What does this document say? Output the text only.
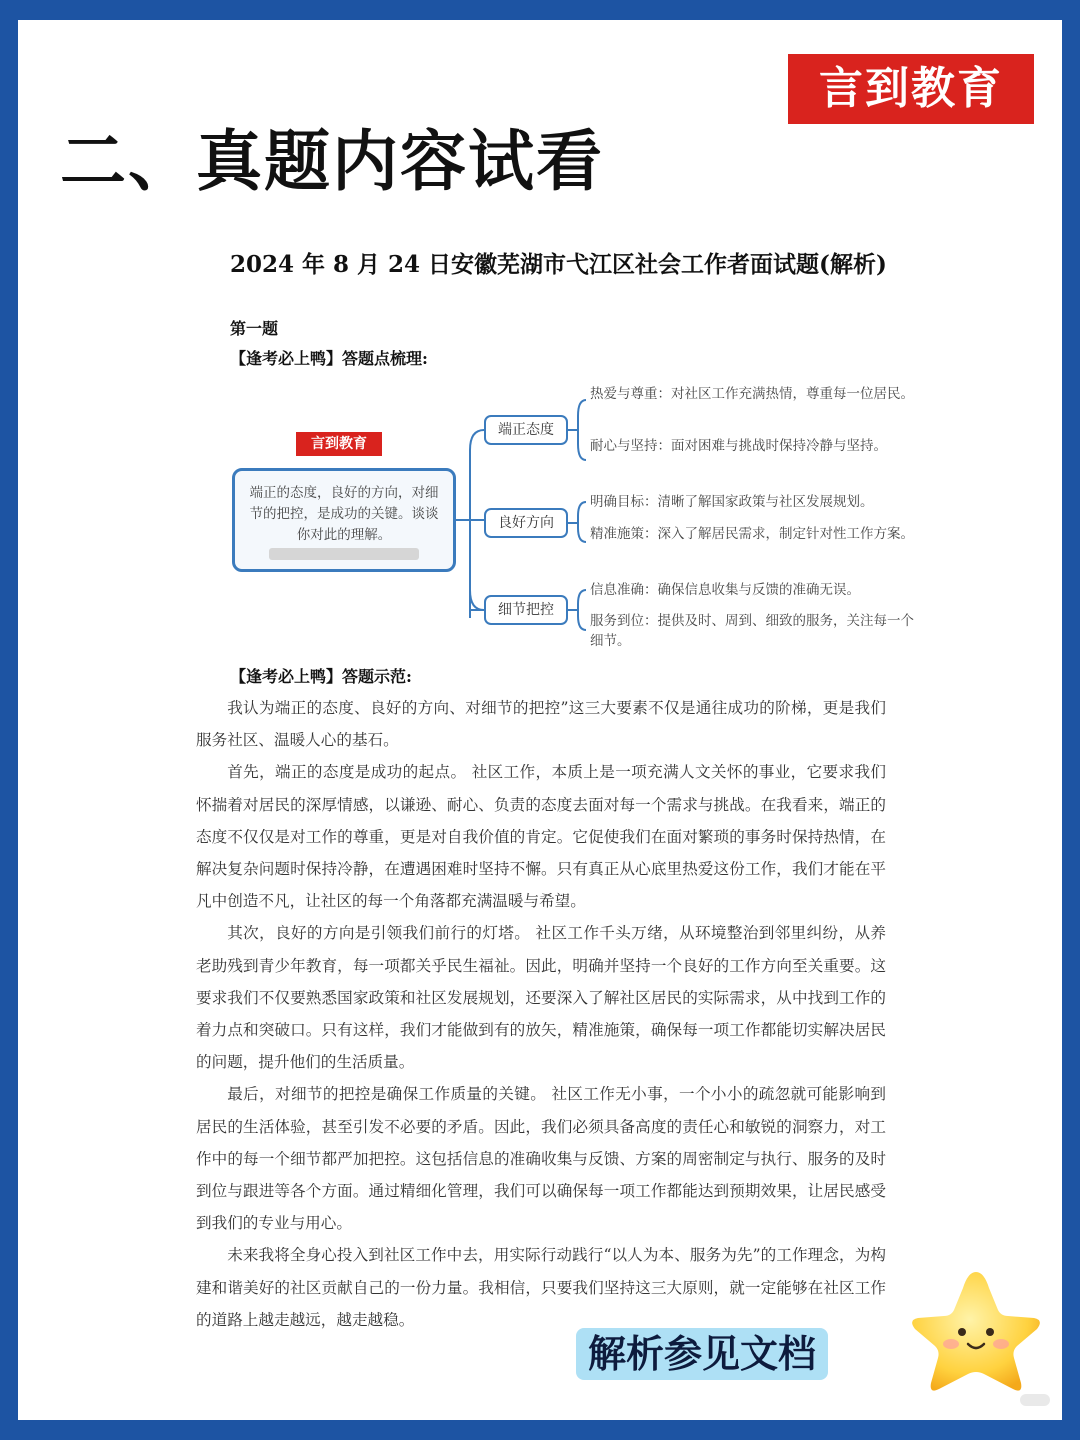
言到教育
二、真题内容试看
2024 年 8 月 24 日安徽芜湖市弋江区社会工作者面试题(解析)
第一题
【逢考必上鸭】答题点梳理:
言到教育
端正的态度，良好的方向，对细节的把控，是成功的关键。谈谈你对此的理解。
端正态度
良好方向
细节把控
热爱与尊重：对社区工作充满热情，尊重每一位居民。
耐心与坚持：面对困难与挑战时保持冷静与坚持。
明确目标：清晰了解国家政策与社区发展规划。
精准施策：深入了解居民需求，制定针对性工作方案。
信息准确：确保信息收集与反馈的准确无误。
服务到位：提供及时、周到、细致的服务，关注每一个细节。
【逢考必上鸭】答题示范:

我认为端正的态度、良好的方向、对细节的把控”这三大要素不仅是通往成功的阶梯，更是我们服务社区、温暖人心的基石。

首先，端正的态度是成功的起点。 社区工作，本质上是一项充满人文关怀的事业，它要求我们怀揣着对居民的深厚情感，以谦逊、耐心、负责的态度去面对每一个需求与挑战。在我看来，端正的态度不仅仅是对工作的尊重，更是对自我价值的肯定。它促使我们在面对繁琐的事务时保持热情，在解决复杂问题时保持冷静，在遭遇困难时坚持不懈。只有真正从心底里热爱这份工作，我们才能在平凡中创造不凡，让社区的每一个角落都充满温暖与希望。

其次，良好的方向是引领我们前行的灯塔。 社区工作千头万绪，从环境整治到邻里纠纷，从养老助残到青少年教育，每一项都关乎民生福祉。因此，明确并坚持一个良好的工作方向至关重要。这要求我们不仅要熟悉国家政策和社区发展规划，还要深入了解社区居民的实际需求，从中找到工作的着力点和突破口。只有这样，我们才能做到有的放矢，精准施策，确保每一项工作都能切实解决居民的问题，提升他们的生活质量。

最后，对细节的把控是确保工作质量的关键。 社区工作无小事，一个小小的疏忽就可能影响到居民的生活体验，甚至引发不必要的矛盾。因此，我们必须具备高度的责任心和敏锐的洞察力，对工作中的每一个细节都严加把控。这包括信息的准确收集与反馈、方案的周密制定与执行、服务的及时到位与跟进等各个方面。通过精细化管理，我们可以确保每一项工作都能达到预期效果，让居民感受到我们的专业与用心。

未来我将全身心投入到社区工作中去，用实际行动践行“以人为本、服务为先”的工作理念，为构建和谐美好的社区贡献自己的一份力量。我相信，只要我们坚持这三大原则，就一定能够在社区工作的道路上越走越远，越走越稳。

解析参见文档
